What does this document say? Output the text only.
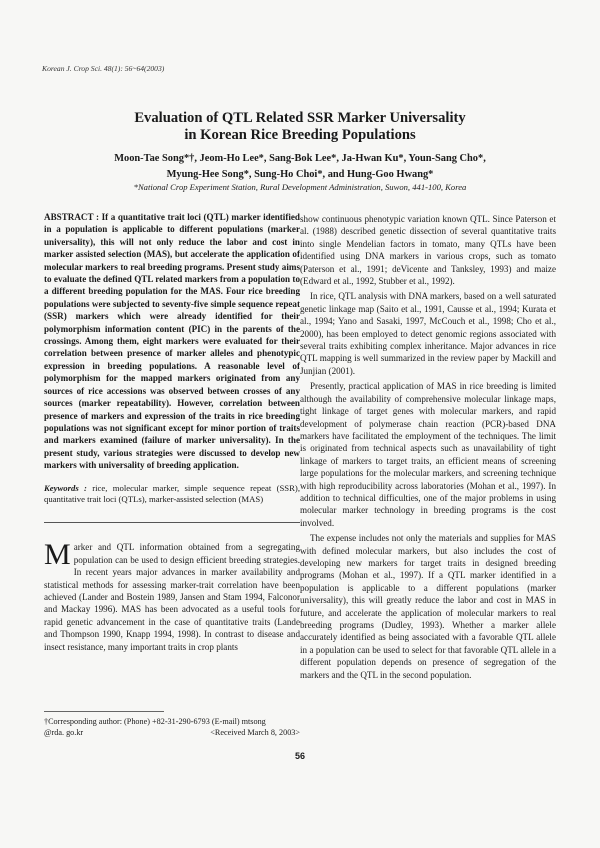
Korean J. Crop Sci. 48(1): 56~64(2003)
Evaluation of QTL Related SSR Marker Universality
in Korean Rice Breeding Populations
Moon-Tae Song*†, Jeom-Ho Lee*, Sang-Bok Lee*, Ja-Hwan Ku*, Youn-Sang Cho*,
Myung-Hee Song*, Sung-Ho Choi*, and Hung-Goo Hwang*
*National Crop Experiment Station, Rural Development Administration, Suwon, 441-100, Korea

ABSTRACT : If a quantitative trait loci (QTL) marker identified in a population is applicable to different populations (marker universality), this will not only reduce the labor and cost in marker assisted selection (MAS), but accelerate the application of molecular markers to real breeding programs. Present study aims to evaluate the defined QTL related markers from a population to a different breeding population for the MAS. Four rice breeding populations were subjected to seventy-five simple sequence repeat (SSR) markers which were already identified for their polymorphism information content (PIC) in the parents of the crossings. Among them, eight markers were evaluated for their correlation between presence of marker alleles and phenotypic expression in breeding populations. A reasonable level of polymorphism for the mapped markers originated from any sources of rice accessions was observed between crosses of any sources (marker repeatability). However, correlation between presence of markers and expression of the traits in rice breeding populations was not significant except for minor portion of traits and markers examined (failure of marker universality). In the present study, various strategies were discussed to develop new markers with universality of breeding application.

Keywords : rice, molecular marker, simple sequence repeat (SSR), quantitative trait loci (QTLs), marker-assisted selection (MAS)

Marker and QTL information obtained from a segregating population can be used to design efficient breeding strategies. In recent years major advances in marker availability and statistical methods for assessing marker-trait correlation have been achieved (Lander and Bostein 1989, Jansen and Stam 1994, Falconor and Mackay 1996). MAS has been advocated as a useful tools for rapid genetic advancement in the case of quantitative traits (Lande and Thompson 1990, Knapp 1994, 1998). In contrast to disease and insect resistance, many important traits in crop plants

show continuous phenotypic variation known QTL. Since Paterson et al. (1988) described genetic dissection of several quantitative traits into single Mendelian factors in tomato, many QTLs have been identified using DNA markers in various crops, such as tomato (Paterson et al., 1991; deVicente and Tanksley, 1993) and maize (Edward et al., 1992, Stubber et al., 1992).

In rice, QTL analysis with DNA markers, based on a well saturated genetic linkage map (Saito et al., 1991, Causse et al., 1994; Kurata et al., 1994; Yano and Sasaki, 1997, McCouch et al., 1998; Cho et al., 2000), has been employed to detect genomic regions associated with several traits exhibiting complex inheritance. Major advances in rice QTL mapping is well summarized in the review paper by Mackill and Junjian (2001).

Presently, practical application of MAS in rice breeding is limited although the availability of comprehensive molecular linkage maps, tight linkage of target genes with molecular markers, and rapid development of polymerase chain reaction (PCR)-based DNA markers have facilitated the employment of the techniques. The limit is originated from technical aspects such as unavailability of tight linkage of markers to target traits, an efficient means of screening large populations for the molecular markers, and screening technique with high reproducibility across laboratories (Mohan et al., 1997). In addition to technical difficulties, one of the major problems in using molecular marker technology in breeding programs is the cost involved.

The expense includes not only the materials and supplies for MAS with defined molecular markers, but also includes the cost of developing new markers for target traits in designed breeding programs (Mohan et al., 1997). If a QTL marker identified in a population is applicable to a different populations (marker universality), this will greatly reduce the labor and cost in MAS in future, and accelerate the application of molecular markers to real breeding programs (Dudley, 1993). Whether a marker allele accurately identified as being associated with a favorable QTL allele in a population can be used to select for that favorable QTL allele in a different population depends on presence of segregation of the markers and the QTL in the second population.

†Corresponding author: (Phone) +82-31-290-6793 (E-mail) mtsong
@rda. go.kr	<Received March 8, 2003>
56
